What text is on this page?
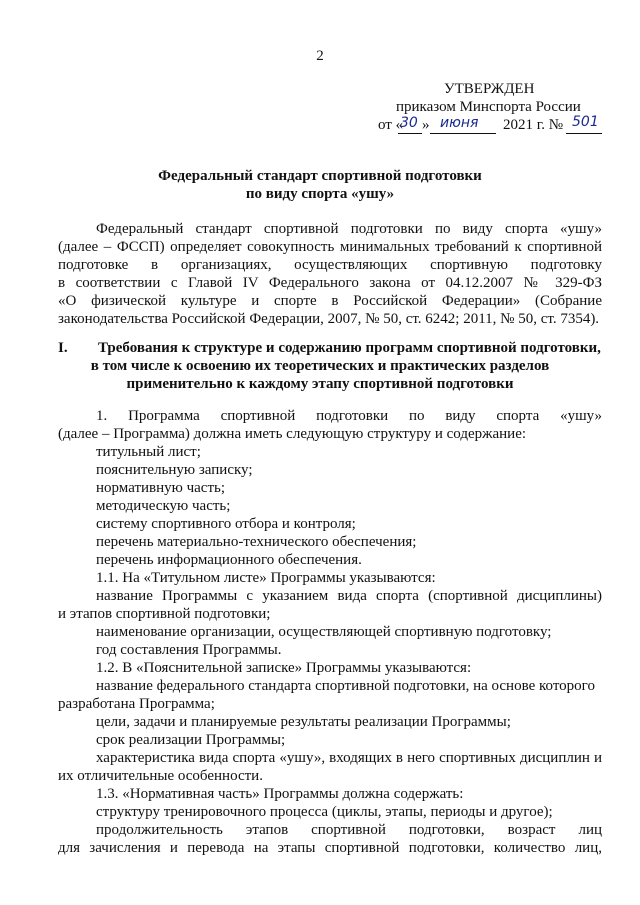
2
УТВЕРЖДЕН
приказом Минспорта России
от «
30 » июня 2021 г. № 501
Федеральный стандарт спортивной подготовки
по виду спорта «ушу»
Федеральный стандарт спортивной подготовки по виду спорта «ушу»
(далее – ФССП) определяет совокупность минимальных требований к спортивной
подготовке в организациях, осуществляющих спортивную подготовку
в соответствии с Главой IV Федерального закона от 04.12.2007 № 329-ФЗ
«О физической культуре и спорте в Российской Федерации» (Собрание
законодательства Российской Федерации, 2007, № 50, ст. 6242; 2011, № 50, ст. 7354).
I. Требования к структуре и содержанию программ спортивной подготовки,
в том числе к освоению их теоретических и практических разделов
применительно к каждому этапу спортивной подготовки
1. Программа спортивной подготовки по виду спорта «ушу»
(далее – Программа) должна иметь следующую структуру и содержание:
титульный лист;
пояснительную записку;
нормативную часть;
методическую часть;
систему спортивного отбора и контроля;
перечень материально-технического обеспечения;
перечень информационного обеспечения.
1.1. На «Титульном листе» Программы указываются:
название Программы с указанием вида спорта (спортивной дисциплины)
и этапов спортивной подготовки;
наименование организации, осуществляющей спортивную подготовку;
год составления Программы.
1.2. В «Пояснительной записке» Программы указываются:
название федерального стандарта спортивной подготовки, на основе которого
разработана Программа;
цели, задачи и планируемые результаты реализации Программы;
срок реализации Программы;
характеристика вида спорта «ушу», входящих в него спортивных дисциплин и
их отличительные особенности.
1.3. «Нормативная часть» Программы должна содержать:
структуру тренировочного процесса (циклы, этапы, периоды и другое);
продолжительность этапов спортивной подготовки, возраст лиц
для зачисления и перевода на этапы спортивной подготовки, количество лиц,
